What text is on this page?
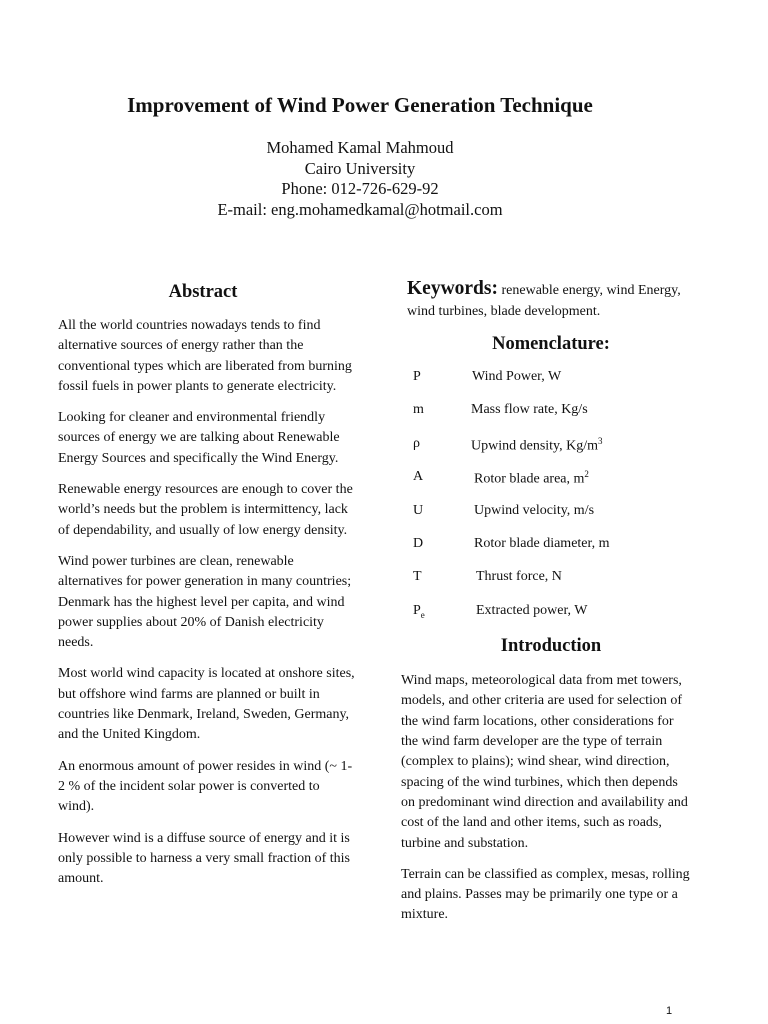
Improvement of Wind Power Generation Technique
Mohamed Kamal Mahmoud
Cairo University
Phone: 012-726-629-92
E-mail: eng.mohamedkamal@hotmail.com
Abstract

All the world countries nowadays tends to find alternative sources of energy rather than the conventional types which are liberated from burning fossil fuels in power plants to generate electricity.

Looking for cleaner and environmental friendly sources of energy we are talking about Renewable Energy Sources and specifically the Wind Energy.

Renewable energy resources are enough to cover the world’s needs but the problem is intermittency, lack of dependability, and usually of low energy density.

Wind power turbines are clean, renewable alternatives for power generation in many countries; Denmark has the highest level per capita, and wind power supplies about 20% of Danish electricity needs.

Most world wind capacity is located at onshore sites, but offshore wind farms are planned or built in countries like Denmark, Ireland, Sweden, Germany, and the United Kingdom.

An enormous amount of power resides in wind (~ 1-2 % of the incident solar power is converted to wind).

However wind is a diffuse source of energy and it is only possible to harness a very small fraction of this amount.

Keywords: renewable energy, wind Energy, wind turbines, blade development.

Nomenclature:
P	Wind Power, W
m	Mass flow rate, Kg/s
ρ	Upwind density, $Kg/m^3$
A	Rotor blade area, $m^2$
U	Upwind velocity, m/s
D	Rotor blade diameter, m
T	Thrust force, N
$P_e$	Extracted power, W
Introduction

Wind maps, meteorological data from met towers, models, and other criteria are used for selection of the wind farm locations, other considerations for the wind farm developer are the type of terrain (complex to plains); wind shear, wind direction, spacing of the wind turbines, which then depends on predominant wind direction and availability and cost of the land and other items, such as roads, turbine and substation.

Terrain can be classified as complex, mesas, rolling and plains. Passes may be primarily one type or a mixture.

1
